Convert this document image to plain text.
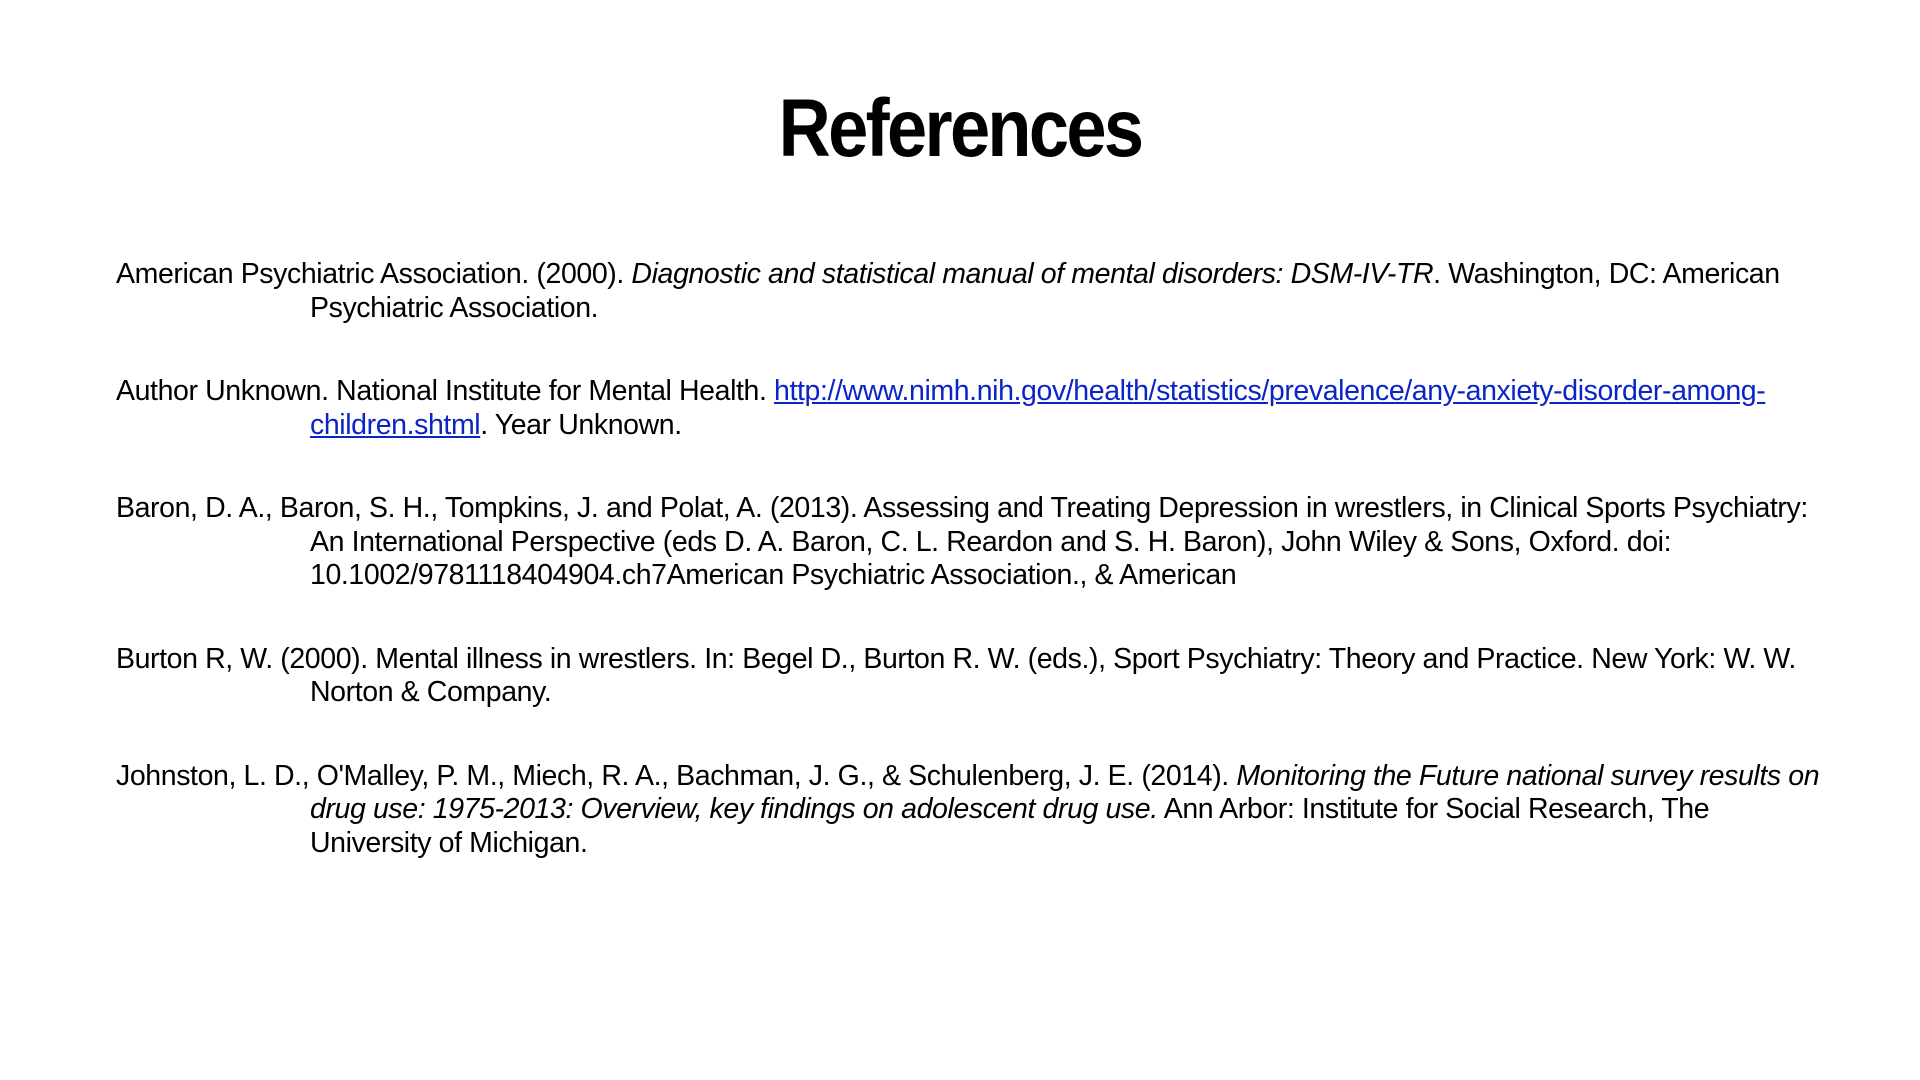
References

American Psychiatric Association. (2000). Diagnostic and statistical manual of mental disorders: DSM-IV-TR. Washington, DC: American Psychiatric Association.

Author Unknown. National Institute for Mental Health. http://www.nimh.nih.gov/health/statistics/prevalence/any-anxiety-disorder-among-children.shtml. Year Unknown.

Baron, D. A., Baron, S. H., Tompkins, J. and Polat, A. (2013). Assessing and Treating Depression in wrestlers, in Clinical Sports Psychiatry: An International Perspective (eds D. A. Baron, C. L. Reardon and S. H. Baron), John Wiley & Sons, Oxford. doi: 10.1002/9781118404904.ch7American Psychiatric Association., & American

Burton R, W. (2000). Mental illness in wrestlers. In: Begel D., Burton R. W. (eds.), Sport Psychiatry: Theory and Practice. New York: W. W. Norton & Company.

Johnston, L. D., O'Malley, P. M., Miech, R. A., Bachman, J. G., & Schulenberg, J. E. (2014). Monitoring the Future national survey results on drug use: 1975-2013: Overview, key findings on adolescent drug use. Ann Arbor: Institute for Social Research, The University of Michigan.
